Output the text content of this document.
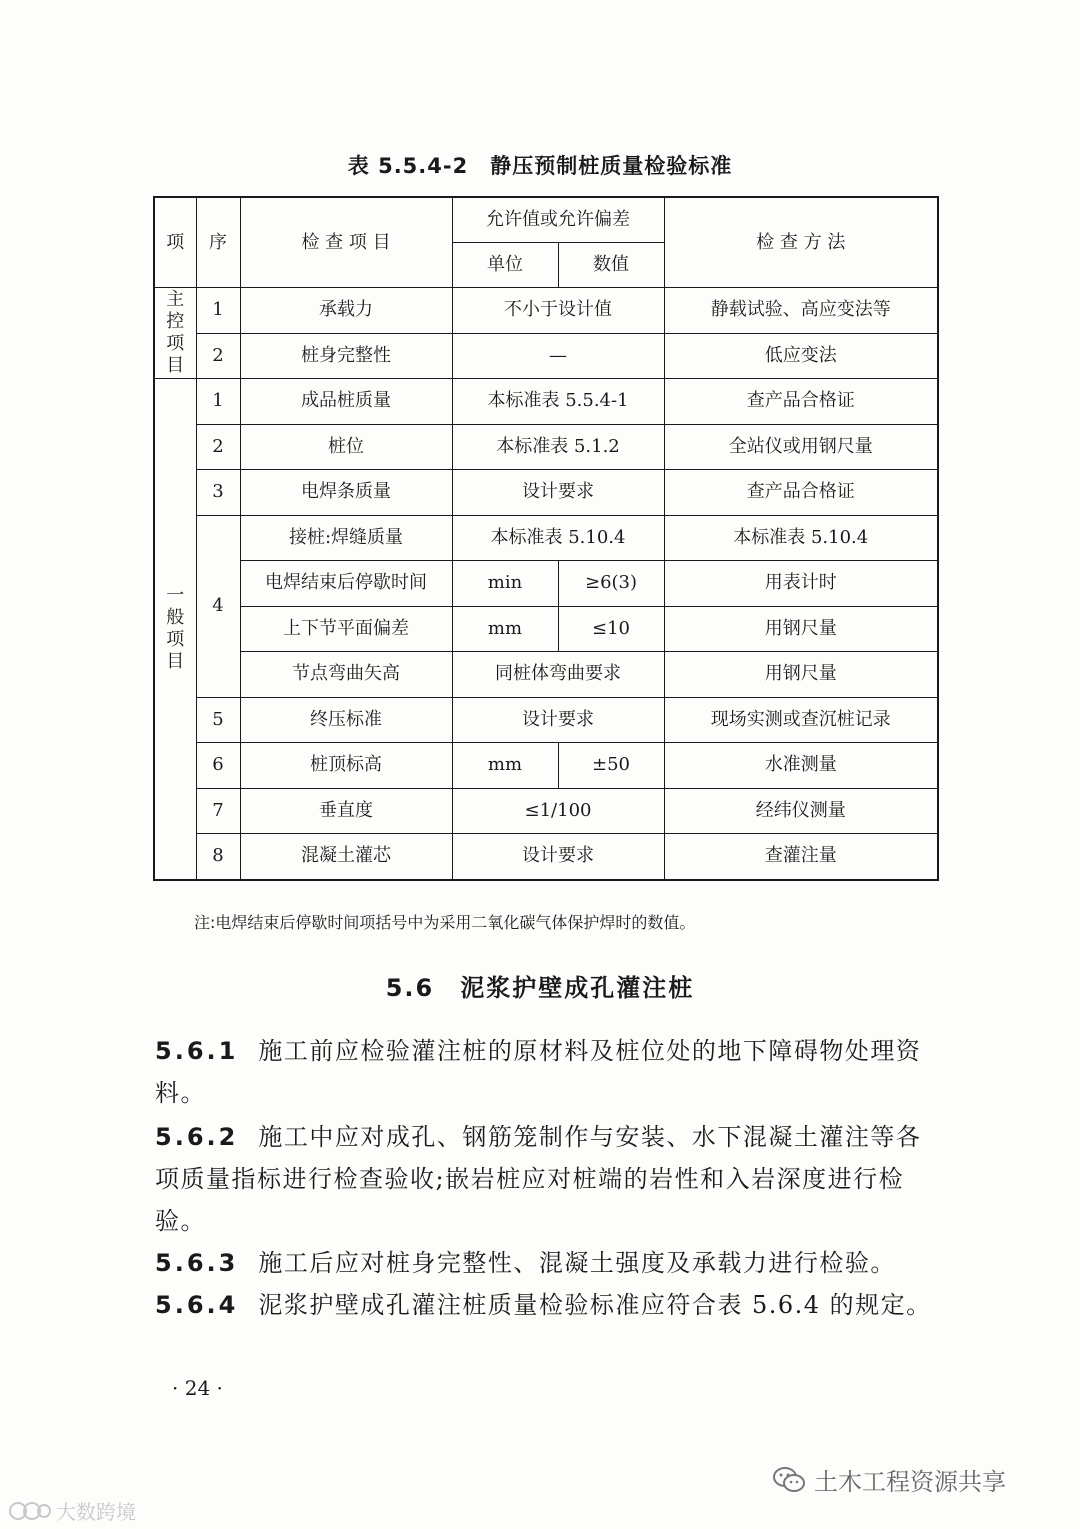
表 5.5.4-2　静压预制桩质量检验标准
项	序	检 查 项 目	允许值或允许偏差		检 查 方 法
			单位	数值	

主
控
项
目	1	承载力	不小于设计值		静载试验、高应变法等
	2	桩身完整性	—		低应变法

一
般
项
目	1	成品桩质量	本标准表 5.5.4-1		查产品合格证
	2	桩位	本标准表 5.1.2		全站仪或用钢尺量
	3	电焊条质量	设计要求		查产品合格证
	4	接桩:焊缝质量	本标准表 5.10.4		本标准表 5.10.4
		电焊结束后停歇时间	min	≥6(3)	用表计时
		上下节平面偏差	mm	≤10	用钢尺量
		节点弯曲矢高	同桩体弯曲要求		用钢尺量
	5	终压标准	设计要求		现场实测或查沉桩记录
	6	桩顶标高	mm	±50	水准测量
	7	垂直度	≤1/100		经纬仪测量
	8	混凝土灌芯	设计要求		查灌注量
注:电焊结束后停歇时间项括号中为采用二氧化碳气体保护焊时的数值。
5.6　泥浆护壁成孔灌注桩
5.6.1 施工前应检验灌注桩的原材料及桩位处的地下障碍物处理资料。
5.6.2 施工中应对成孔、钢筋笼制作与安装、水下混凝土灌注等各项质量指标进行检查验收;嵌岩桩应对桩端的岩性和入岩深度进行检验。
5.6.3 施工后应对桩身完整性、混凝土强度及承载力进行检验。
5.6.4 泥浆护壁成孔灌注桩质量检验标准应符合表 5.6.4 的规定。
· 24 ·
土木工程资源共享
大数跨境
